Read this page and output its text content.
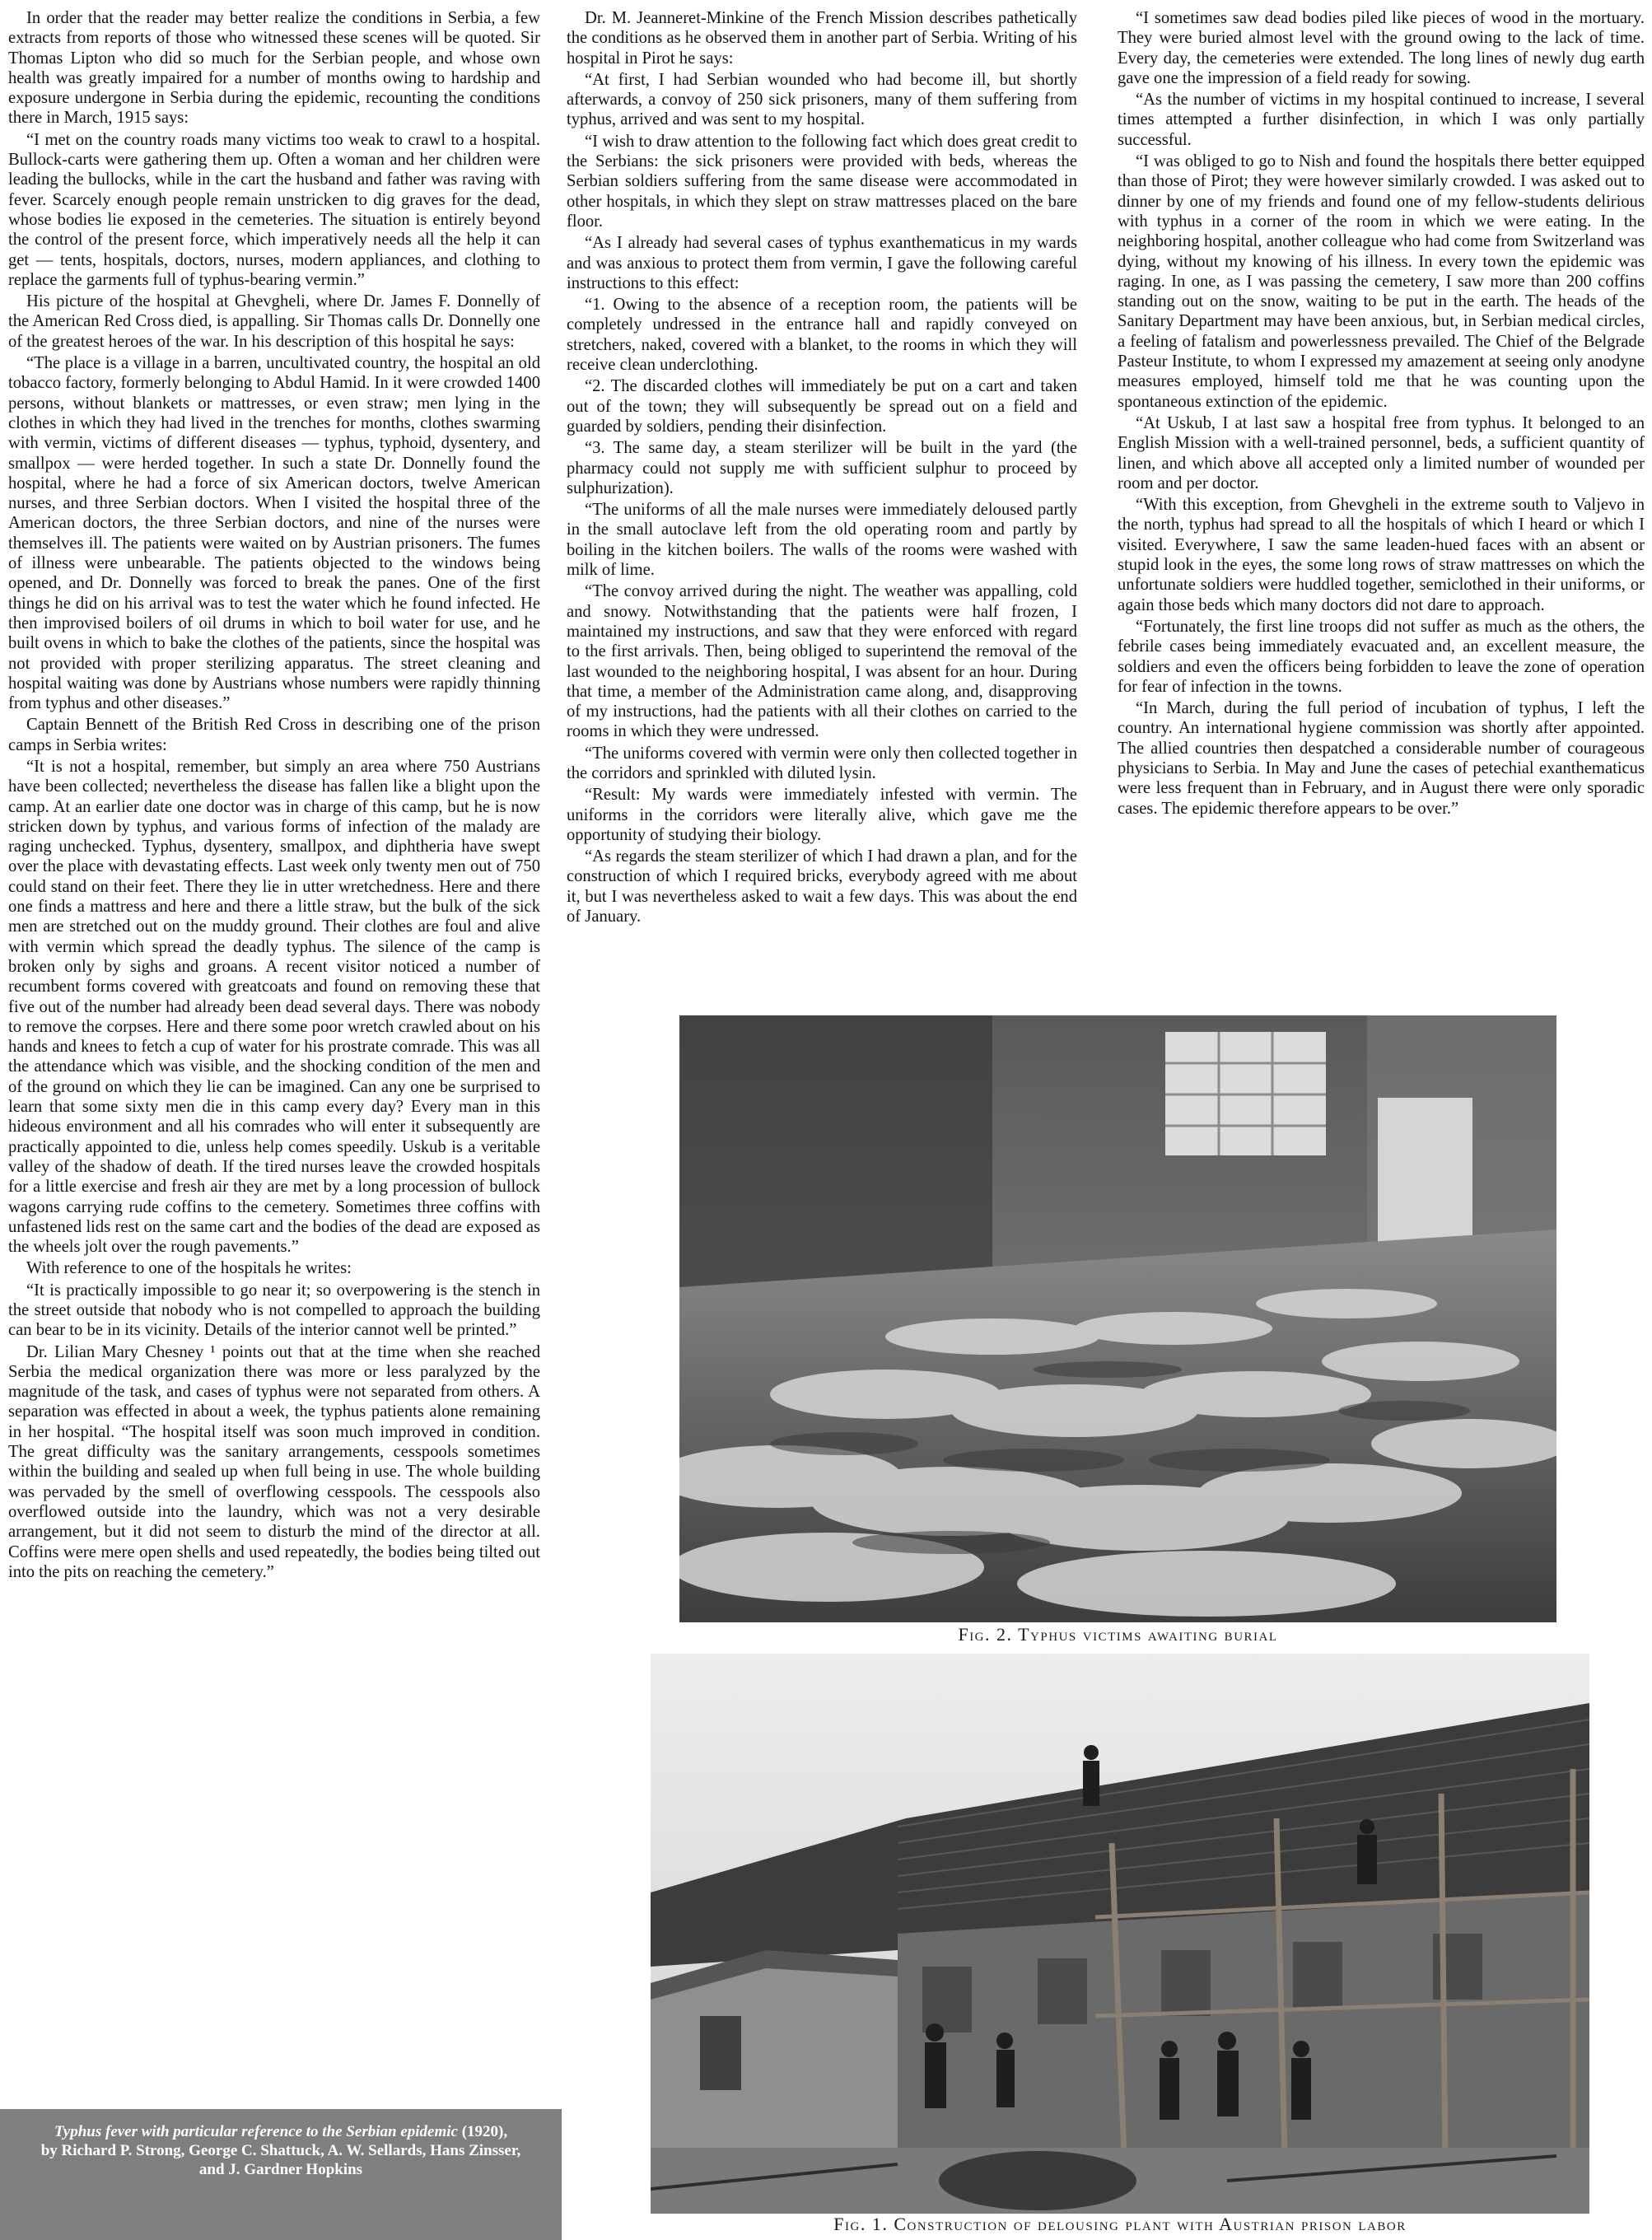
In order that the reader may better realize the conditions in Serbia, a few extracts from reports of those who witnessed these scenes will be quoted. Sir Thomas Lipton who did so much for the Serbian people, and whose own health was greatly impaired for a number of months owing to hardship and exposure undergone in Serbia during the epidemic, recounting the conditions there in March, 1915 says:

“I met on the country roads many victims too weak to crawl to a hospital. Bullock-carts were gathering them up. Often a woman and her children were leading the bullocks, while in the cart the husband and father was raving with fever. Scarcely enough people remain unstricken to dig graves for the dead, whose bodies lie exposed in the cemeteries. The situation is entirely beyond the control of the present force, which imperatively needs all the help it can get — tents, hospitals, doctors, nurses, modern appliances, and clothing to replace the garments full of typhus-bearing vermin.”

His picture of the hospital at Ghevgheli, where Dr. James F. Donnelly of the American Red Cross died, is appalling. Sir Thomas calls Dr. Donnelly one of the greatest heroes of the war. In his description of this hospital he says:

“The place is a village in a barren, uncultivated country, the hospital an old tobacco factory, formerly belonging to Abdul Hamid. In it were crowded 1400 persons, without blankets or mattresses, or even straw; men lying in the clothes in which they had lived in the trenches for months, clothes swarming with vermin, victims of different diseases — typhus, typhoid, dysentery, and smallpox — were herded together. In such a state Dr. Donnelly found the hospital, where he had a force of six American doctors, twelve American nurses, and three Serbian doctors. When I visited the hospital three of the American doctors, the three Serbian doctors, and nine of the nurses were themselves ill. The patients were waited on by Austrian prisoners. The fumes of illness were unbearable. The patients objected to the windows being opened, and Dr. Donnelly was forced to break the panes. One of the first things he did on his arrival was to test the water which he found infected. He then improvised boilers of oil drums in which to boil water for use, and he built ovens in which to bake the clothes of the patients, since the hospital was not provided with proper sterilizing apparatus. The street cleaning and hospital waiting was done by Austrians whose numbers were rapidly thinning from typhus and other diseases.”

Captain Bennett of the British Red Cross in describing one of the prison camps in Serbia writes:

“It is not a hospital, remember, but simply an area where 750 Austrians have been collected; nevertheless the disease has fallen like a blight upon the camp. At an earlier date one doctor was in charge of this camp, but he is now stricken down by typhus, and various forms of infection of the malady are raging unchecked. Typhus, dysentery, smallpox, and diphtheria have swept over the place with devastating effects. Last week only twenty men out of 750 could stand on their feet. There they lie in utter wretchedness. Here and there one finds a mattress and here and there a little straw, but the bulk of the sick men are stretched out on the muddy ground. Their clothes are foul and alive with vermin which spread the deadly typhus. The silence of the camp is broken only by sighs and groans. A recent visitor noticed a number of recumbent forms covered with greatcoats and found on removing these that five out of the number had already been dead several days. There was nobody to remove the corpses. Here and there some poor wretch crawled about on his hands and knees to fetch a cup of water for his prostrate comrade. This was all the attendance which was visible, and the shocking condition of the men and of the ground on which they lie can be imagined. Can any one be surprised to learn that some sixty men die in this camp every day? Every man in this hideous environment and all his comrades who will enter it subsequently are practically appointed to die, unless help comes speedily. Uskub is a veritable valley of the shadow of death. If the tired nurses leave the crowded hospitals for a little exercise and fresh air they are met by a long procession of bullock wagons carrying rude coffins to the cemetery. Sometimes three coffins with unfastened lids rest on the same cart and the bodies of the dead are exposed as the wheels jolt over the rough pavements.”

With reference to one of the hospitals he writes:

“It is practically impossible to go near it; so overpowering is the stench in the street outside that nobody who is not compelled to approach the building can bear to be in its vicinity. Details of the interior cannot well be printed.”

Dr. Lilian Mary Chesney ¹ points out that at the time when she reached Serbia the medical organization there was more or less paralyzed by the magnitude of the task, and cases of typhus were not separated from others. A separation was effected in about a week, the typhus patients alone remaining in her hospital. “The hospital itself was soon much improved in condition. The great difficulty was the sanitary arrangements, cesspools sometimes within the building and sealed up when full being in use. The whole building was pervaded by the smell of overflowing cesspools. The cesspools also overflowed outside into the laundry, which was not a very desirable arrangement, but it did not seem to disturb the mind of the director at all. Coffins were mere open shells and used repeatedly, the bodies being tilted out into the pits on reaching the cemetery.”

Dr. M. Jeanneret-Minkine of the French Mission describes pathetically the conditions as he observed them in another part of Serbia. Writing of his hospital in Pirot he says:

“At first, I had Serbian wounded who had become ill, but shortly afterwards, a convoy of 250 sick prisoners, many of them suffering from typhus, arrived and was sent to my hospital.

“I wish to draw attention to the following fact which does great credit to the Serbians: the sick prisoners were provided with beds, whereas the Serbian soldiers suffering from the same disease were accommodated in other hospitals, in which they slept on straw mattresses placed on the bare floor.

“As I already had several cases of typhus exanthematicus in my wards and was anxious to protect them from vermin, I gave the following careful instructions to this effect:

“1. Owing to the absence of a reception room, the patients will be completely undressed in the entrance hall and rapidly conveyed on stretchers, naked, covered with a blanket, to the rooms in which they will receive clean underclothing.

“2. The discarded clothes will immediately be put on a cart and taken out of the town; they will subsequently be spread out on a field and guarded by soldiers, pending their disinfection.

“3. The same day, a steam sterilizer will be built in the yard (the pharmacy could not supply me with sufficient sulphur to proceed by sulphurization).

“The uniforms of all the male nurses were immediately deloused partly in the small autoclave left from the old operating room and partly by boiling in the kitchen boilers. The walls of the rooms were washed with milk of lime.

“The convoy arrived during the night. The weather was appalling, cold and snowy. Notwithstanding that the patients were half frozen, I maintained my instructions, and saw that they were enforced with regard to the first arrivals. Then, being obliged to superintend the removal of the last wounded to the neighboring hospital, I was absent for an hour. During that time, a member of the Administration came along, and, disapproving of my instructions, had the patients with all their clothes on carried to the rooms in which they were undressed.

“The uniforms covered with vermin were only then collected together in the corridors and sprinkled with diluted lysin.

“Result: My wards were immediately infested with vermin. The uniforms in the corridors were literally alive, which gave me the opportunity of studying their biology.

“As regards the steam sterilizer of which I had drawn a plan, and for the construction of which I required bricks, everybody agreed with me about it, but I was nevertheless asked to wait a few days. This was about the end of January.

“I sometimes saw dead bodies piled like pieces of wood in the mortuary. They were buried almost level with the ground owing to the lack of time. Every day, the cemeteries were extended. The long lines of newly dug earth gave one the impression of a field ready for sowing.

“As the number of victims in my hospital continued to increase, I several times attempted a further disinfection, in which I was only partially successful.

“I was obliged to go to Nish and found the hospitals there better equipped than those of Pirot; they were however similarly crowded. I was asked out to dinner by one of my friends and found one of my fellow-students delirious with typhus in a corner of the room in which we were eating. In the neighboring hospital, another colleague who had come from Switzerland was dying, without my knowing of his illness. In every town the epidemic was raging. In one, as I was passing the cemetery, I saw more than 200 coffins standing out on the snow, waiting to be put in the earth. The heads of the Sanitary Department may have been anxious, but, in Serbian medical circles, a feeling of fatalism and powerlessness prevailed. The Chief of the Belgrade Pasteur Institute, to whom I expressed my amazement at seeing only anodyne measures employed, himself told me that he was counting upon the spontaneous extinction of the epidemic.

“At Uskub, I at last saw a hospital free from typhus. It belonged to an English Mission with a well-trained personnel, beds, a sufficient quantity of linen, and which above all accepted only a limited number of wounded per room and per doctor.

“With this exception, from Ghevgheli in the extreme south to Valjevo in the north, typhus had spread to all the hospitals of which I heard or which I visited. Everywhere, I saw the same leaden-hued faces with an absent or stupid look in the eyes, the some long rows of straw mattresses on which the unfortunate soldiers were huddled together, semiclothed in their uniforms, or again those beds which many doctors did not dare to approach.

“Fortunately, the first line troops did not suffer as much as the others, the febrile cases being immediately evacuated and, an excellent measure, the soldiers and even the officers being forbidden to leave the zone of operation for fear of infection in the towns.

“In March, during the full period of incubation of typhus, I left the country. An international hygiene commission was shortly after appointed. The allied countries then despatched a considerable number of courageous physicians to Serbia. In May and June the cases of petechial exanthematicus were less frequent than in February, and in August there were only sporadic cases. The epidemic therefore appears to be over.”

Fig. 2. Typhus victims awaiting burial
Fig. 1. Construction of delousing plant with Austrian prison labor
Typhus fever with particular reference to the Serbian epidemic (1920),
by Richard P. Strong, George C. Shattuck, A. W. Sellards, Hans Zinsser,
and J. Gardner Hopkins
